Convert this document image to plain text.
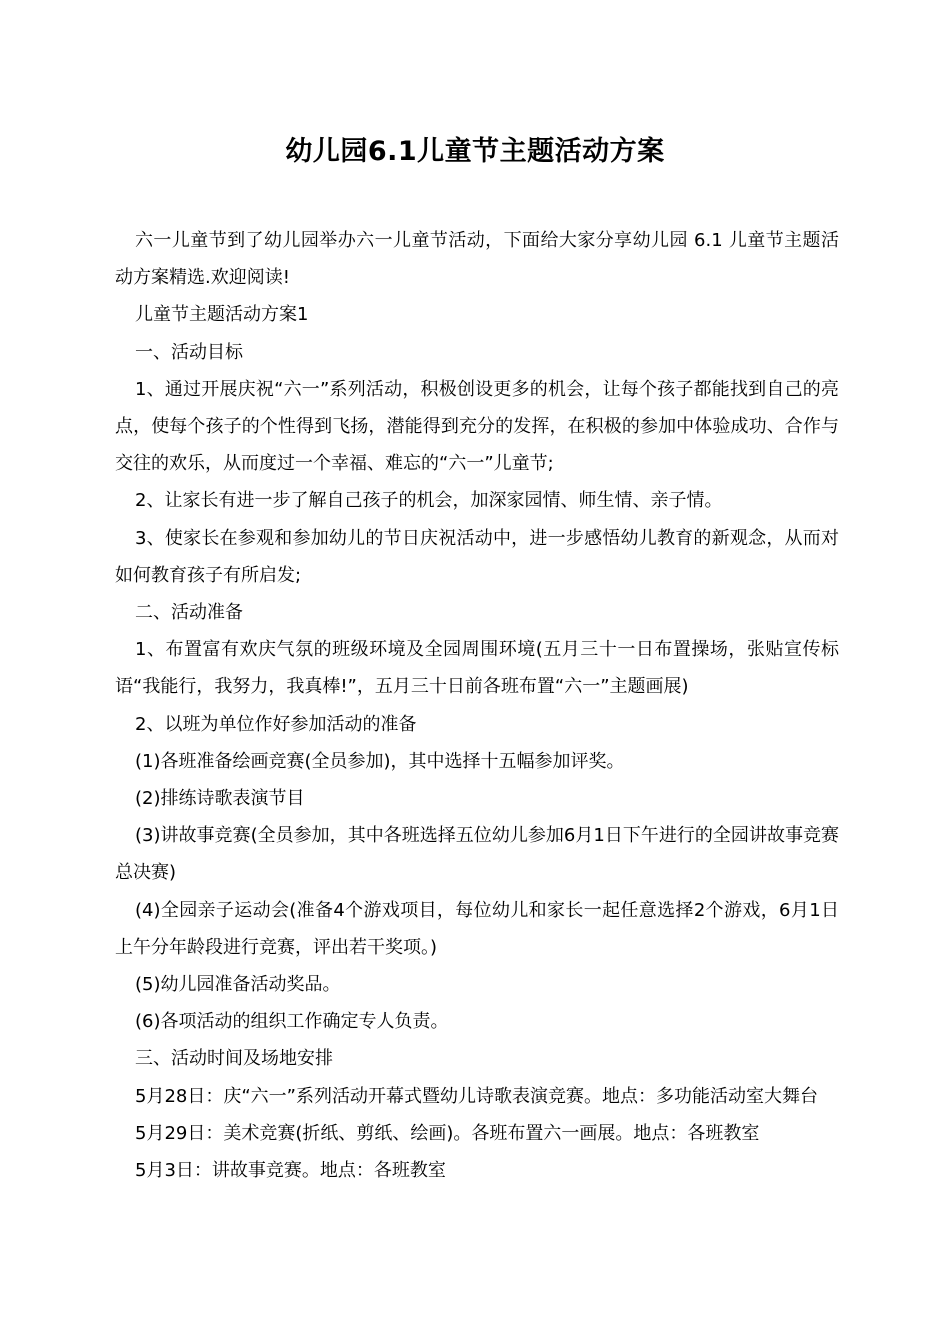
幼儿园6.1儿童节主题活动方案

六一儿童节到了幼儿园举办六一儿童节活动，下面给大家分享幼儿园 6.1 儿童节主题活动方案精选.欢迎阅读!

儿童节主题活动方案1

一、活动目标

1、通过开展庆祝“六一”系列活动，积极创设更多的机会，让每个孩子都能找到自己的亮点，使每个孩子的个性得到飞扬，潜能得到充分的发挥，在积极的参加中体验成功、合作与交往的欢乐，从而度过一个幸福、难忘的“六一”儿童节;

2、让家长有进一步了解自己孩子的机会，加深家园情、师生情、亲子情。

3、使家长在参观和参加幼儿的节日庆祝活动中，进一步感悟幼儿教育的新观念，从而对如何教育孩子有所启发;

二、活动准备

1、布置富有欢庆气氛的班级环境及全园周围环境(五月三十一日布置操场，张贴宣传标语“我能行，我努力，我真棒!”，五月三十日前各班布置“六一”主题画展)

2、以班为单位作好参加活动的准备

(1)各班准备绘画竞赛(全员参加)，其中选择十五幅参加评奖。

(2)排练诗歌表演节目

(3)讲故事竞赛(全员参加，其中各班选择五位幼儿参加6月1日下午进行的全园讲故事竞赛总决赛)

(4)全园亲子运动会(准备4个游戏项目，每位幼儿和家长一起任意选择2个游戏，6月1日上午分年龄段进行竞赛，评出若干奖项。)

(5)幼儿园准备活动奖品。

(6)各项活动的组织工作确定专人负责。

三、活动时间及场地安排

5月28日：庆“六一”系列活动开幕式暨幼儿诗歌表演竞赛。地点：多功能活动室大舞台

5月29日：美术竞赛(折纸、剪纸、绘画)。各班布置六一画展。地点：各班教室

5月3日：讲故事竞赛。地点：各班教室
